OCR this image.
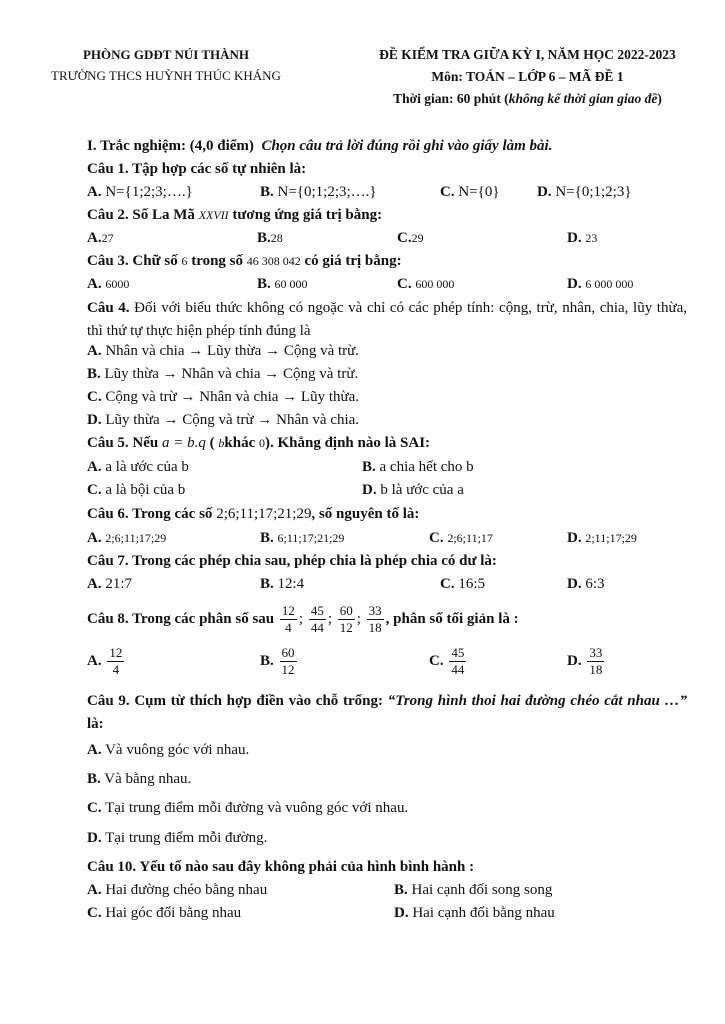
PHÒNG GDĐT NÚI THÀNH
TRƯỜNG THCS HUỲNH THÚC KHÁNG
ĐỀ KIỂM TRA GIỮA KỲ I, NĂM HỌC 2022-2023
Môn: TOÁN – LỚP 6 – MÃ ĐỀ 1
Thời gian: 60 phút (không kể thời gian giao đề)
I. Trắc nghiệm: (4,0 điểm) Chọn câu trả lời đúng rồi ghi vào giấy làm bài.
Câu 1. Tập hợp các số tự nhiên là:
A. N={1;2;3;….}	B. N={0;1;2;3;….}	C. N={0} D. N={0;1;2;3}
Câu 2. Số La Mã XXVII tương ứng giá trị bằng:
A.27	B.28	C.29	D. 23
Câu 3. Chữ số 6 trong số 46 308 042 có giá trị bằng:
A. 6000	B. 60 000	C. 600 000	D. 6 000 000
Câu 4. Đối với biểu thức không có ngoặc và chỉ có các phép tính: cộng, trừ, nhân, chia, lũy thừa, thì thứ tự thực hiện phép tính đúng là
A. Nhân và chia → Lũy thừa → Cộng và trừ.
B. Lũy thừa → Nhân và chia → Cộng và trừ.
C. Cộng và trừ → Nhân và chia → Lũy thừa.
D. Lũy thừa → Cộng và trừ → Nhân và chia.
Câu 5. Nếu a = b.q ( bkhác 0). Khẳng định nào là SAI:
A. a là ước của b	B. a chia hết cho b
C. a là bội của b	D. b là ước của a
Câu 6. Trong các số 2;6;11;17;21;29, số nguyên tố là:
A. 2;6;11;17;29	B. 6;11;17;21;29	C. 2;6;11;17	D. 2;11;17;29
Câu 7. Trong các phép chia sau, phép chia là phép chia có dư là:
A. 21:7	B. 12:4	C. 16:5	D. 6:3
Câu 8. Trong các phân số sau $\frac{12}{4}$ ; $\frac{45}{44}$ ; $\frac{60}{12}$ ; $\frac{33}{18}$ , phân số tối giản là :
A. $\frac{12}{4}$	B. $\frac{60}{12}$	C. $\frac{45}{44}$	D. $\frac{33}{18}$
Câu 9. Cụm từ thích hợp điền vào chỗ trống: “Trong hình thoi hai đường chéo cắt nhau …” là:
A. Và vuông góc với nhau.
B. Và bằng nhau.
C. Tại trung điểm mỗi đường và vuông góc với nhau.
D. Tại trung điểm mỗi đường.
Câu 10. Yếu tố nào sau đây không phải của hình bình hành :
A. Hai đường chéo bằng nhau	B. Hai cạnh đối song song
C. Hai góc đối bằng nhau	D. Hai cạnh đối bằng nhau
